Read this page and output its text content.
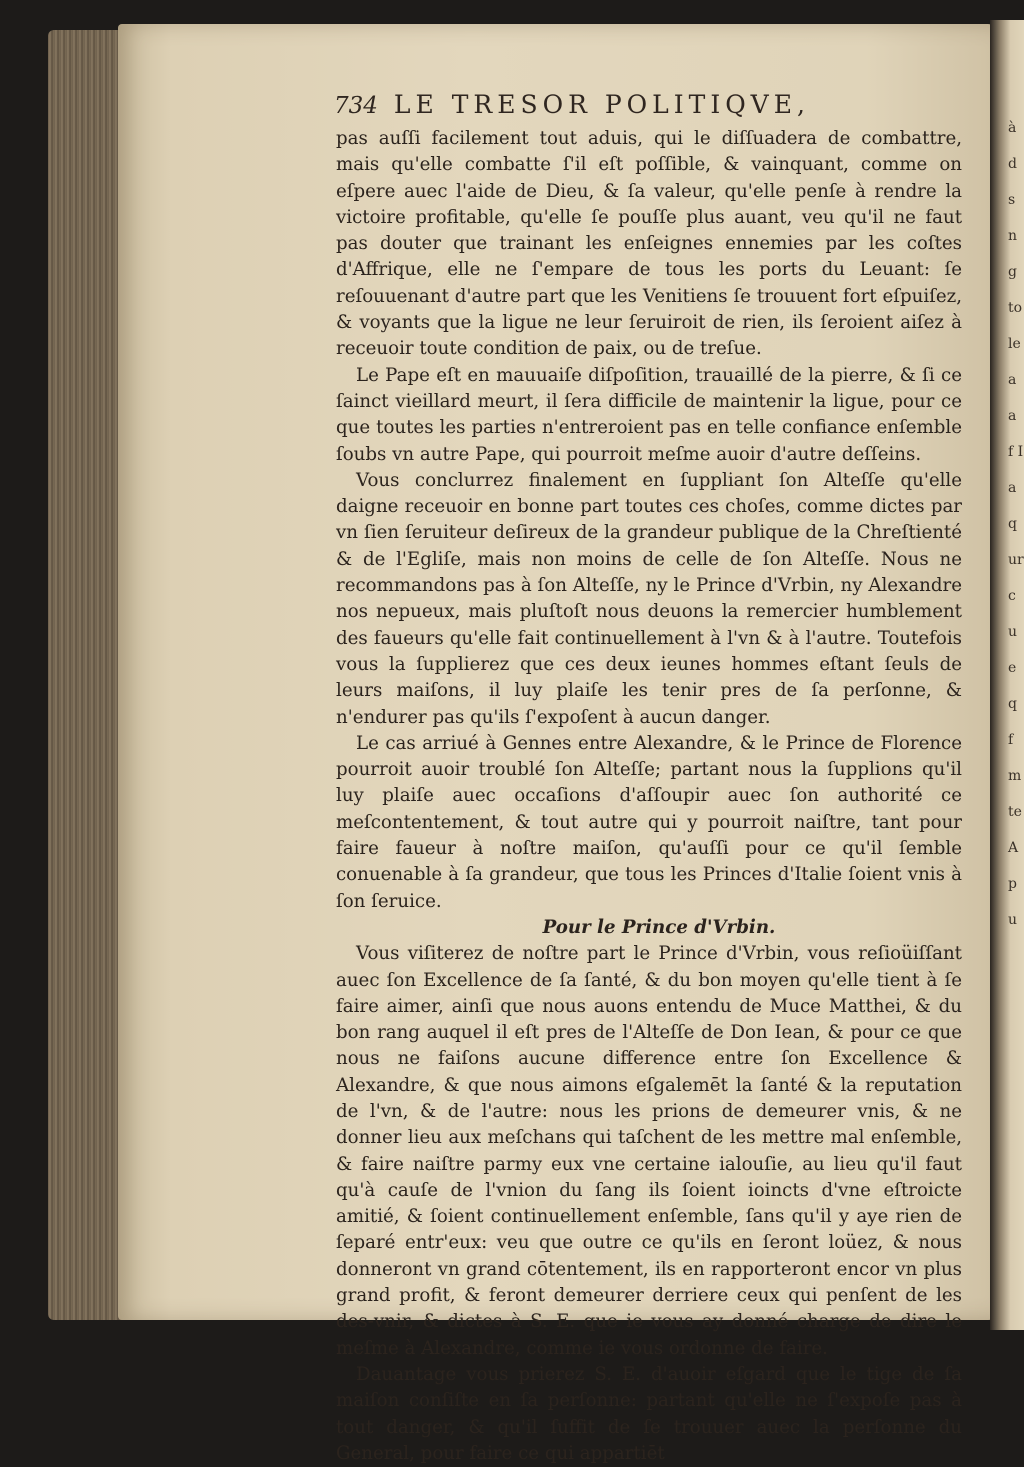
à d s n g to le a a f I a q ur cu e q f m te A pu
734 LE TRESOR POLITIQVE,

pas auſſi facilement tout aduis, qui le diſſuadera de combattre, mais qu'elle combatte ſ'il eſt poſſible, & vainquant, comme on eſpere auec l'aide de Dieu, & ſa valeur, qu'elle penſe à rendre la victoire profitable, qu'elle ſe pouſſe plus auant, veu qu'il ne faut pas douter que trainant les enſeignes ennemies par les coſtes d'Affrique, elle ne ſ'empare de tous les ports du Leuant: ſe reſouuenant d'autre part que les Venitiens ſe trouuent fort eſpuiſez, & voyants que la ligue ne leur ſeruiroit de rien, ils ſeroient aiſez à receuoir toute condition de paix, ou de treſue.

Le Pape eſt en mauuaiſe diſpoſition, trauaillé de la pierre, & ſi ce ſainct vieillard meurt, il ſera difficile de maintenir la ligue, pour ce que toutes les parties n'entreroient pas en telle confiance enſemble ſoubs vn autre Pape, qui pourroit meſme auoir d'autre deſſeins.

Vous conclurrez finalement en ſuppliant ſon Alteſſe qu'elle daigne receuoir en bonne part toutes ces choſes, comme dictes par vn ſien ſeruiteur deſireux de la grandeur publique de la Chreſtienté & de l'Egliſe, mais non moins de celle de ſon Alteſſe. Nous ne recommandons pas à ſon Alteſſe, ny le Prince d'Vrbin, ny Alexandre nos nepueux, mais pluſtoſt nous deuons la remercier humblement des faueurs qu'elle fait continuellement à l'vn & à l'autre. Toutefois vous la ſupplierez que ces deux ieunes hommes eſtant ſeuls de leurs maiſons, il luy plaiſe les tenir pres de ſa perſonne, & n'endurer pas qu'ils ſ'expoſent à aucun danger.

Le cas arriué à Gennes entre Alexandre, & le Prince de Florence pourroit auoir troublé ſon Alteſſe; partant nous la ſupplions qu'il luy plaiſe auec occaſions d'aſſoupir auec ſon authorité ce meſcontentement, & tout autre qui y pourroit naiſtre, tant pour faire faueur à noſtre maiſon, qu'auſſi pour ce qu'il ſemble conuenable à ſa grandeur, que tous les Princes d'Italie ſoient vnis à ſon ſeruice.

Pour le Prince d'Vrbin.

Vous viſiterez de noſtre part le Prince d'Vrbin, vous reſioüiſſant auec ſon Excellence de ſa ſanté, & du bon moyen qu'elle tient à ſe faire aimer, ainſi que nous auons entendu de Muce Matthei, & du bon rang auquel il eſt pres de l'Alteſſe de Don Iean, & pour ce que nous ne faiſons aucune difference entre ſon Excellence & Alexandre, & que nous aimons eſgalemēt la ſanté & la reputation de l'vn, & de l'autre: nous les prions de demeurer vnis, & ne donner lieu aux meſchans qui taſchent de les mettre mal enſemble, & faire naiſtre parmy eux vne certaine ialouſie, au lieu qu'il faut qu'à cauſe de l'vnion du ſang ils ſoient ioincts d'vne eſtroicte amitié, & ſoient continuellement enſemble, ſans qu'il y aye rien de ſeparé entr'eux: veu que outre ce qu'ils en ſeront loüez, & nous donneront vn grand cōtentement, ils en rapporteront encor vn plus grand profit, & feront demeurer derriere ceux qui penſent de les des-vnir, & dictes à S. E. que ie vous ay donné charge de dire le meſme à Alexandre, comme ie vous ordonne de faire.

Dauantage vous prierez S. E. d'auoir eſgard que le tige de ſa maiſon conſiſte en ſa perſonne: partant qu'elle ne ſ'expoſe pas à tout danger, & qu'il ſuffit de ſe trouuer auec la perſonne du General, pour faire ce qui appartiēt
